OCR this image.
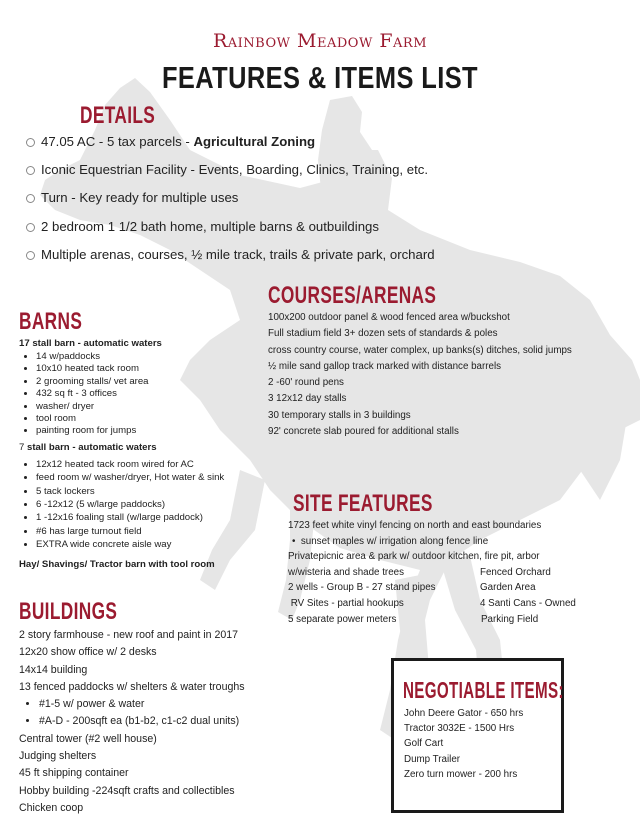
Rainbow Meadow Farm
FEATURES & ITEMS LIST
DETAILS
47.05 AC - 5 tax parcels - Agricultural Zoning
Iconic Equestrian Facility - Events, Boarding, Clinics, Training, etc.
Turn - Key ready for multiple uses
2 bedroom 1 1/2 bath home, multiple barns & outbuildings
Multiple arenas, courses, ½ mile track, trails & private park, orchard
BARNS
17 stall barn - automatic waters
• 14 w/paddocks
• 10x10 heated tack room
• 2 grooming stalls/ vet area
• 432 sq ft - 3 offices
• washer/ dryer
• tool room
• painting room for jumps
7 stall barn - automatic waters
• 12x12 heated tack room wired for AC
• feed room w/ washer/dryer, Hot water & sink
• 5 tack lockers
• 6 -12x12 (5 w/large paddocks)
• 1 -12x16 foaling stall (w/large paddock)
• #6 has large turnout field
• EXTRA wide concrete aisle way
Hay/ Shavings/ Tractor barn with tool room
COURSES/ARENAS
100x200 outdoor panel & wood fenced area w/buckshot
Full stadium field 3+ dozen sets of standards & poles
cross country course, water complex, up banks(s) ditches, solid jumps
½ mile sand gallop track marked with distance barrels
2 -60' round pens
3 12x12 day stalls
30 temporary stalls in 3 buildings
92' concrete slab poured for additional stalls
SITE FEATURES
1723 feet white vinyl fencing on north and east boundaries
•  sunset maples w/ irrigation along fence line
Privatepicnic area & park w/ outdoor kitchen, fire pit, arbor
w/wisteria and shade trees	Fenced Orchard
2 wells - Group B - 27 stand pipes	Garden Area
RV Sites - partial hookups	4 Santi Cans - Owned
5 separate power meters	Parking Field
BUILDINGS
2 story farmhouse - new roof and paint in 2017
12x20 show office w/ 2 desks
14x14 building
13 fenced paddocks w/ shelters & water troughs
• #1-5 w/ power & water
• #A-D - 200sqft ea (b1-b2, c1-c2 dual units)
Central tower (#2 well house)
Judging shelters
45 ft shipping container
Hobby building -224sqft crafts and collectibles
Chicken coop
NEGOTIABLE ITEMS:
John Deere Gator - 650 hrs
Tractor 3032E - 1500 Hrs
Golf Cart
Dump Trailer
Zero turn mower - 200 hrs
